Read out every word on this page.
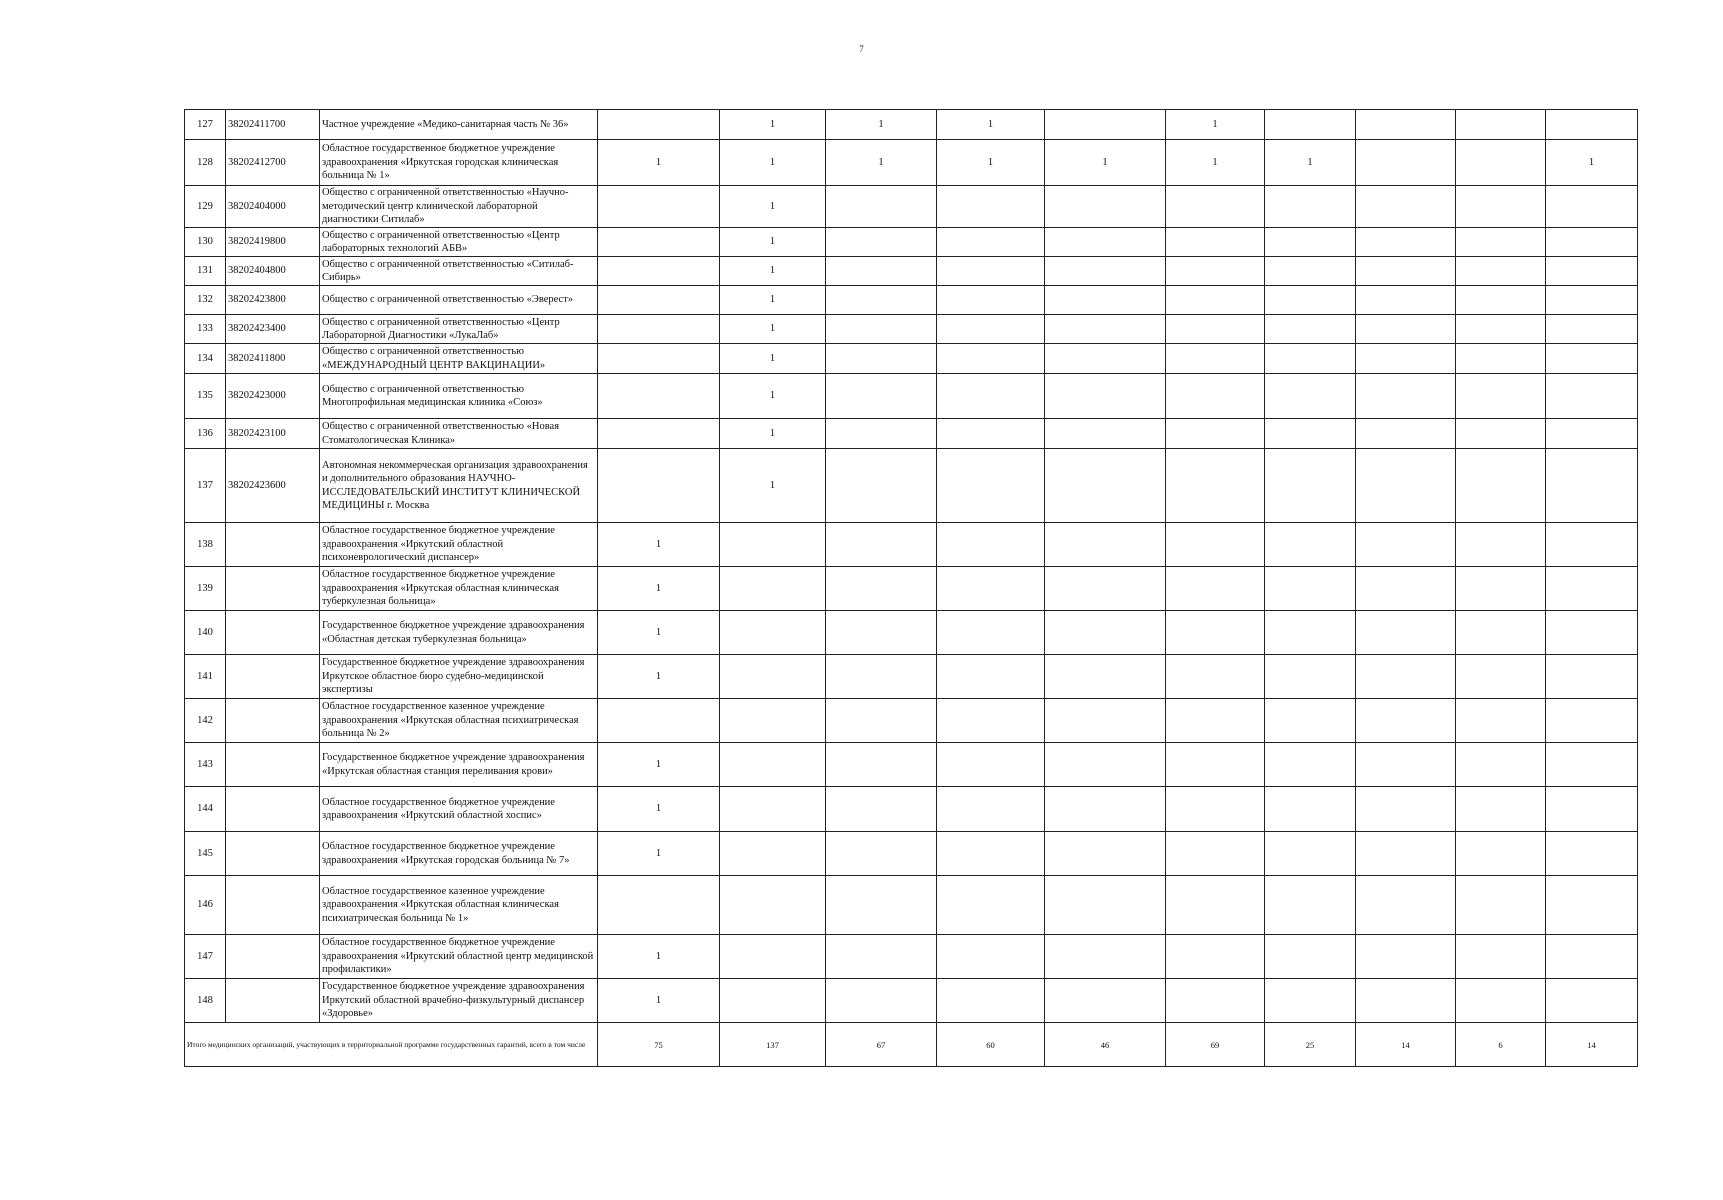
7
127	38202411700	Частное учреждение «Медико-санитарная часть № 36»		1	1	1		1				
128	38202412700	Областное государственное бюджетное учреждение здравоохранения «Иркутская городская клиническая больница № 1»	1	1	1	1	1	1	1			1
129	38202404000	Общество с ограниченной ответственностью «Научно-методический центр клинической лабораторной диагностики Ситилаб»		1								
130	38202419800	Общество с ограниченной ответственностью «Центр лабораторных технологий АБВ»		1								
131	38202404800	Общество с ограниченной ответственностью «Ситилаб-Сибирь»		1								
132	38202423800	Общество с ограниченной ответственностью «Эверест»		1								
133	38202423400	Общество с ограниченной ответственностью «Центр Лабораторной Диагностики «ЛукаЛаб»		1								
134	38202411800	Общество с ограниченной ответственностью «МЕЖДУНАРОДНЫЙ ЦЕНТР ВАКЦИНАЦИИ»		1								
135	38202423000	Общество с ограниченной ответственностью Многопрофильная медицинская клиника «Союз»		1								
136	38202423100	Общество с ограниченной ответственностью «Новая Стоматологическая Клиника»		1								
137	38202423600	Автономная некоммерческая организация здравоохранения и дополнительного образования НАУЧНО-ИССЛЕДОВАТЕЛЬСКИЙ ИНСТИТУТ КЛИНИЧЕСКОЙ МЕДИЦИНЫ г. Москва		1								
138		Областное государственное бюджетное учреждение здравоохранения «Иркутский областной психоневрологический диспансер»	1									
139		Областное государственное бюджетное учреждение здравоохранения «Иркутская областная клиническая туберкулезная больница»	1									
140		Государственное бюджетное учреждение здравоохранения «Областная детская туберкулезная больница»	1									
141		Государственное бюджетное учреждение здравоохранения Иркутское областное бюро судебно-медицинской экспертизы	1									
142		Областное государственное казенное учреждение здравоохранения «Иркутская областная психиатрическая больница № 2»										
143		Государственное бюджетное учреждение здравоохранения «Иркутская областная станция переливания крови»	1									
144		Областное государственное бюджетное учреждение здравоохранения «Иркутский областной хоспис»	1									
145		Областное государственное бюджетное учреждение здравоохранения «Иркутская городская больница № 7»	1									
146		Областное государственное казенное учреждение здравоохранения «Иркутская областная клиническая психиатрическая больница № 1»										
147		Областное государственное бюджетное учреждение здравоохранения «Иркутский областной центр медицинской профилактики»	1									
148		Государственное бюджетное учреждение здравоохранения Иркутский областной врачебно-физкультурный диспансер «Здоровье»	1									
Итого медицинских организаций, участвующих в территориальной программе государственных гарантий, всего в том числе			75	137	67	60	46	69	25	14	6	14
